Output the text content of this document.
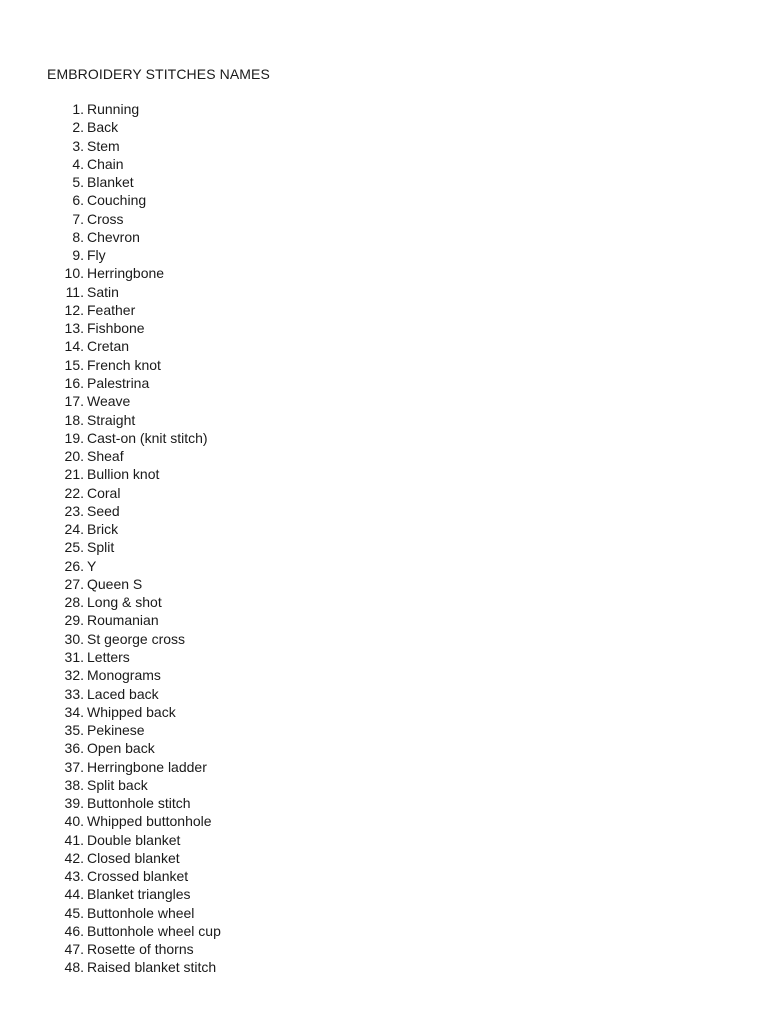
EMBROIDERY STITCHES NAMES
1. Running
2. Back
3. Stem
4. Chain
5. Blanket
6. Couching
7. Cross
8. Chevron
9. Fly
10. Herringbone
11. Satin
12. Feather
13. Fishbone
14. Cretan
15. French knot
16. Palestrina
17. Weave
18. Straight
19. Cast-on (knit stitch)
20. Sheaf
21. Bullion knot
22. Coral
23. Seed
24. Brick
25. Split
26. Y
27. Queen S
28. Long & shot
29. Roumanian
30. St george cross
31. Letters
32. Monograms
33. Laced back
34. Whipped back
35. Pekinese
36. Open back
37. Herringbone ladder
38. Split back
39. Buttonhole stitch
40. Whipped buttonhole
41. Double blanket
42. Closed blanket
43. Crossed blanket
44. Blanket triangles
45. Buttonhole wheel
46. Buttonhole wheel cup
47. Rosette of thorns
48. Raised blanket stitch
